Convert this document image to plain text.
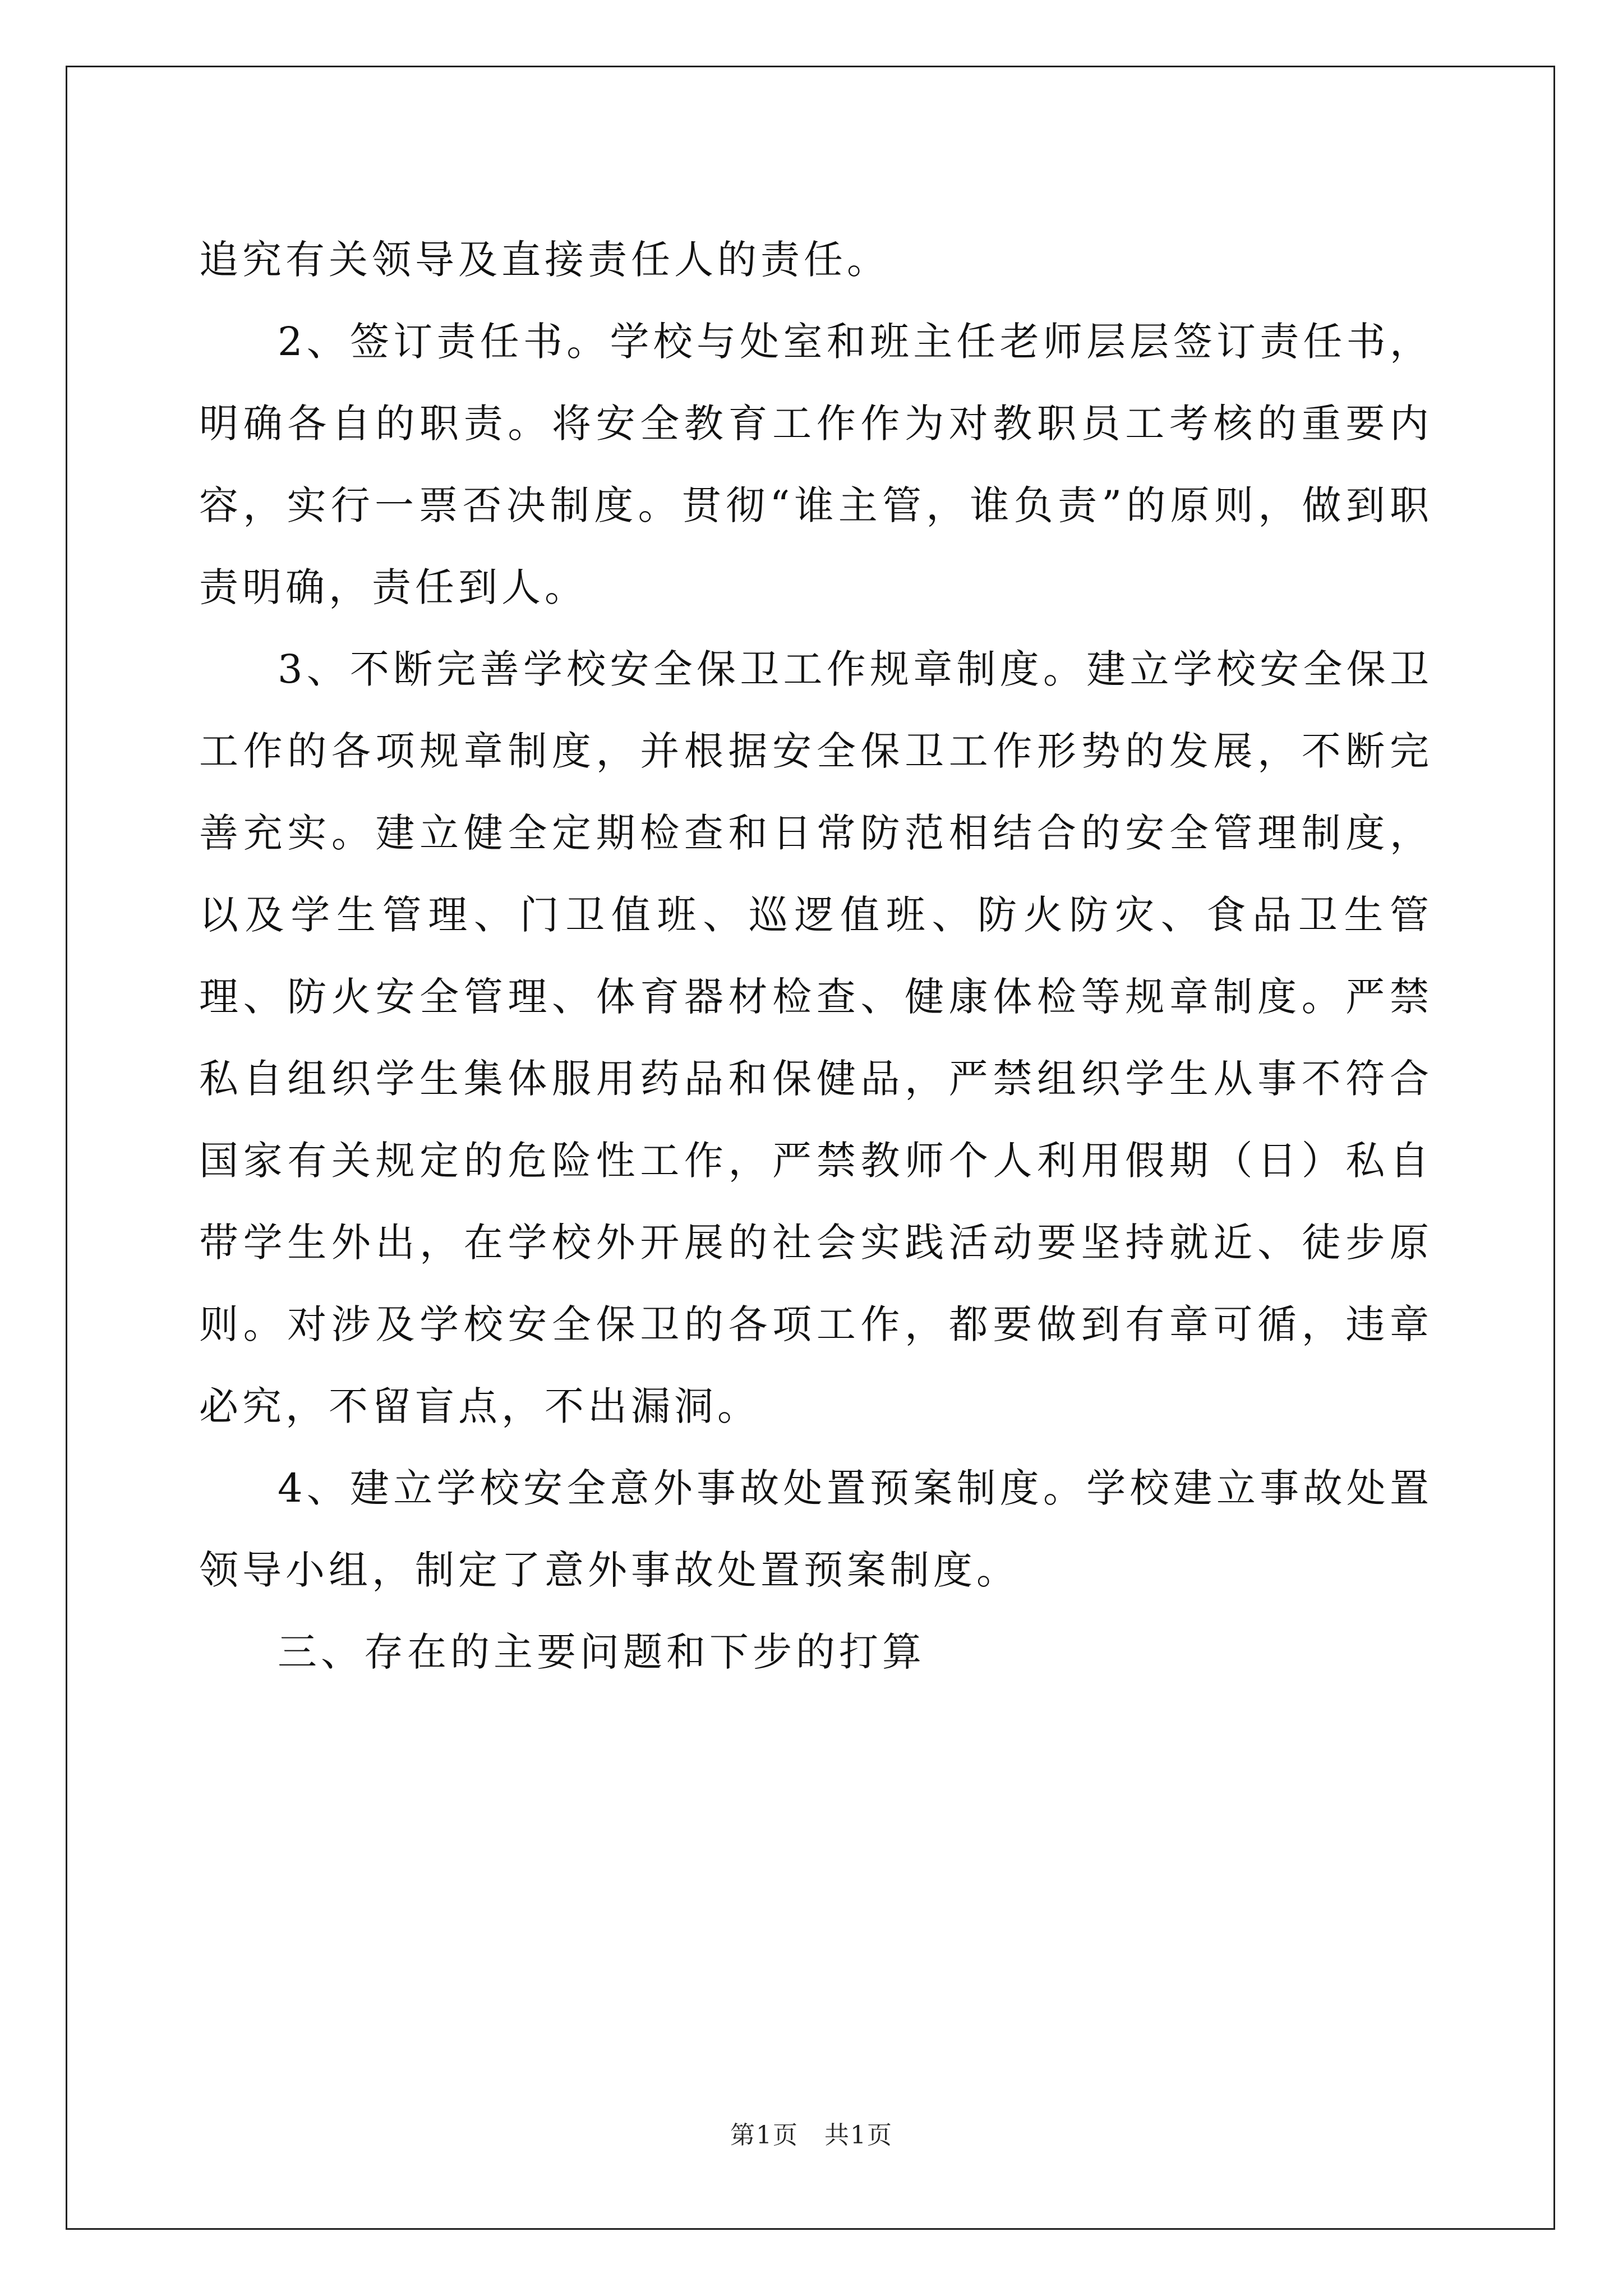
追究有关领导及直接责任人的责任。

2、签订责任书。学校与处室和班主任老师层层签订责任书，明确各自的职责。将安全教育工作作为对教职员工考核的重要内容，实行一票否决制度。贯彻“谁主管，谁负责”的原则，做到职责明确，责任到人。

3、不断完善学校安全保卫工作规章制度。建立学校安全保卫工作的各项规章制度，并根据安全保卫工作形势的发展，不断完善充实。建立健全定期检查和日常防范相结合的安全管理制度，以及学生管理、门卫值班、巡逻值班、防火防灾、食品卫生管理、防火安全管理、体育器材检查、健康体检等规章制度。严禁私自组织学生集体服用药品和保健品，严禁组织学生从事不符合国家有关规定的危险性工作，严禁教师个人利用假期（日）私自带学生外出，在学校外开展的社会实践活动要坚持就近、徒步原则。对涉及学校安全保卫的各项工作，都要做到有章可循，违章必究，不留盲点，不出漏洞。

4、建立学校安全意外事故处置预案制度。学校建立事故处置领导小组，制定了意外事故处置预案制度。

三、存在的主要问题和下步的打算

第1页　共1页
